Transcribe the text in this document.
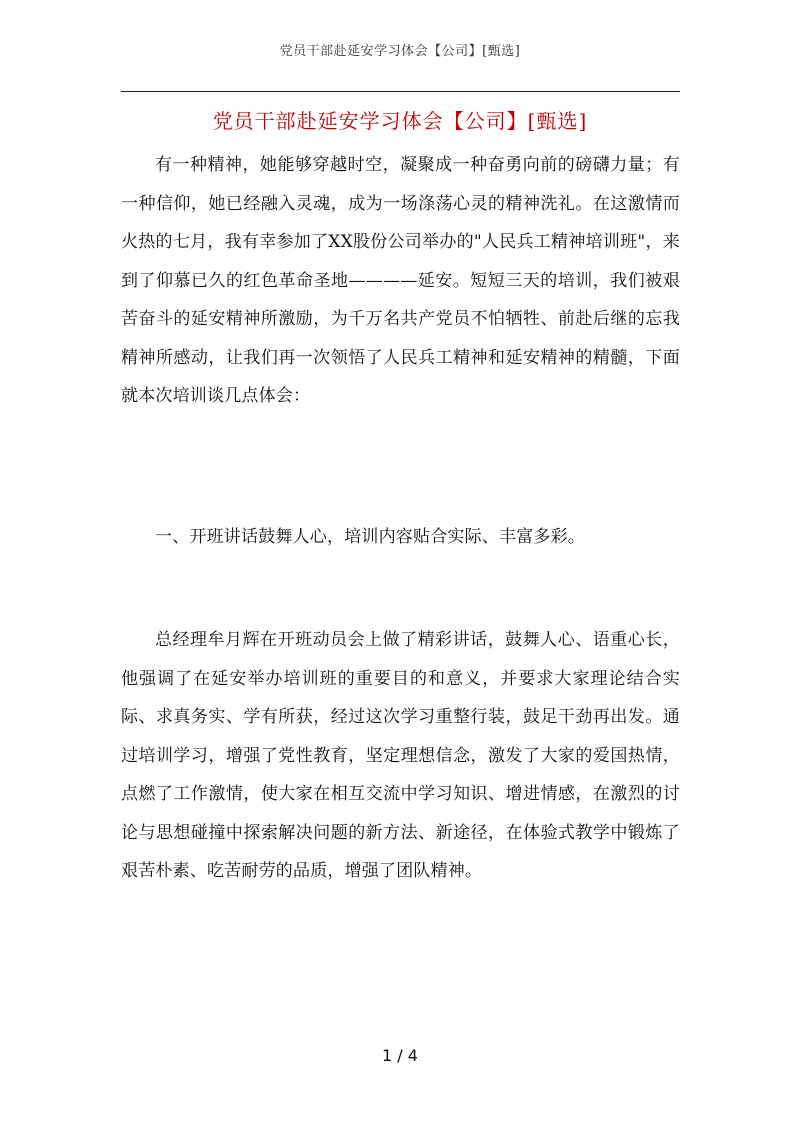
党员干部赴延安学习体会【公司】[甄选]
党员干部赴延安学习体会【公司】[甄选]

有一种精神，她能够穿越时空，凝聚成一种奋勇向前的磅礴力量；有一种信仰，她已经融入灵魂，成为一场涤荡心灵的精神洗礼。在这激情而火热的七月，我有幸参加了XX股份公司举办的"人民兵工精神培训班"，来到了仰慕已久的红色革命圣地————延安。短短三天的培训，我们被艰苦奋斗的延安精神所激励，为千万名共产党员不怕牺牲、前赴后继的忘我精神所感动，让我们再一次领悟了人民兵工精神和延安精神的精髓，下面就本次培训谈几点体会：

一、开班讲话鼓舞人心，培训内容贴合实际、丰富多彩。

总经理牟月辉在开班动员会上做了精彩讲话，鼓舞人心、语重心长，他强调了在延安举办培训班的重要目的和意义，并要求大家理论结合实际、求真务实、学有所获，经过这次学习重整行装，鼓足干劲再出发。通过培训学习，增强了党性教育，坚定理想信念，激发了大家的爱国热情，点燃了工作激情，使大家在相互交流中学习知识、增进情感，在激烈的讨论与思想碰撞中探索解决问题的新方法、新途径，在体验式教学中锻炼了艰苦朴素、吃苦耐劳的品质，增强了团队精神。

1 / 4
